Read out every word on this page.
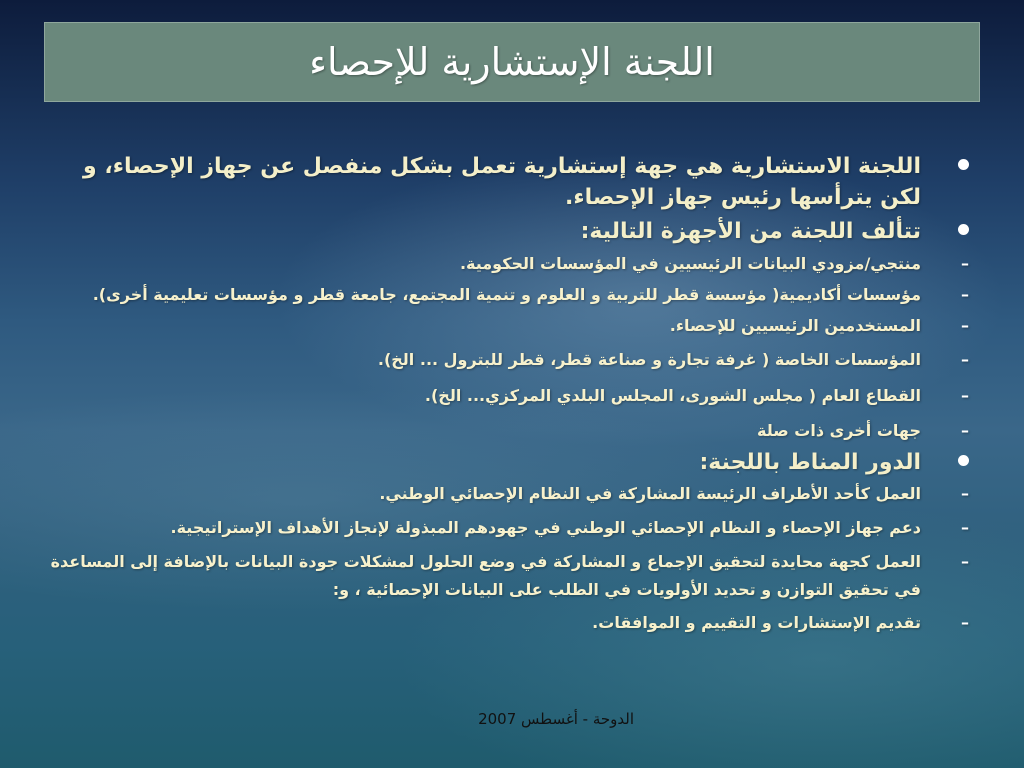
اللجنة الإستشارية للإحصاء
اللجنة الاستشارية هي جهة إستشارية تعمل بشكل منفصل عن جهاز الإحصاء، و لكن يترأسها رئيس جهاز الإحصاء.
تتألف اللجنة من الأجهزة التالية:
–
منتجي/مزودي البيانات الرئيسيين في المؤسسات الحكومية.
–
مؤسسات أكاديمية( مؤسسة قطر للتربية و العلوم و تنمية المجتمع، جامعة قطر و مؤسسات تعليمية أخرى).
–
المستخدمين الرئيسيين للإحصاء.
–
المؤسسات الخاصة ( غرفة تجارة و صناعة قطر، قطر للبترول ... الخ).
–
القطاع العام ( مجلس الشورى، المجلس البلدي المركزي... الخ).
–
جهات أخرى ذات صلة
الدور المناط باللجنة:
–
العمل كأحد الأطراف الرئيسة المشاركة في النظام الإحصائي الوطني.
–
دعم جهاز الإحصاء و النظام الإحصائي الوطني في جهودهم المبذولة لإنجاز الأهداف الإستراتيجية.
–
العمل كجهة محايدة لتحقيق الإجماع و المشاركة في وضع الحلول لمشكلات جودة البيانات بالإضافة إلى المساعدة في تحقيق التوازن و تحديد الأولويات في الطلب على البيانات الإحصائية ، و:
–
تقديم الإستشارات و التقييم و الموافقات.
الدوحة - أغسطس 2007
